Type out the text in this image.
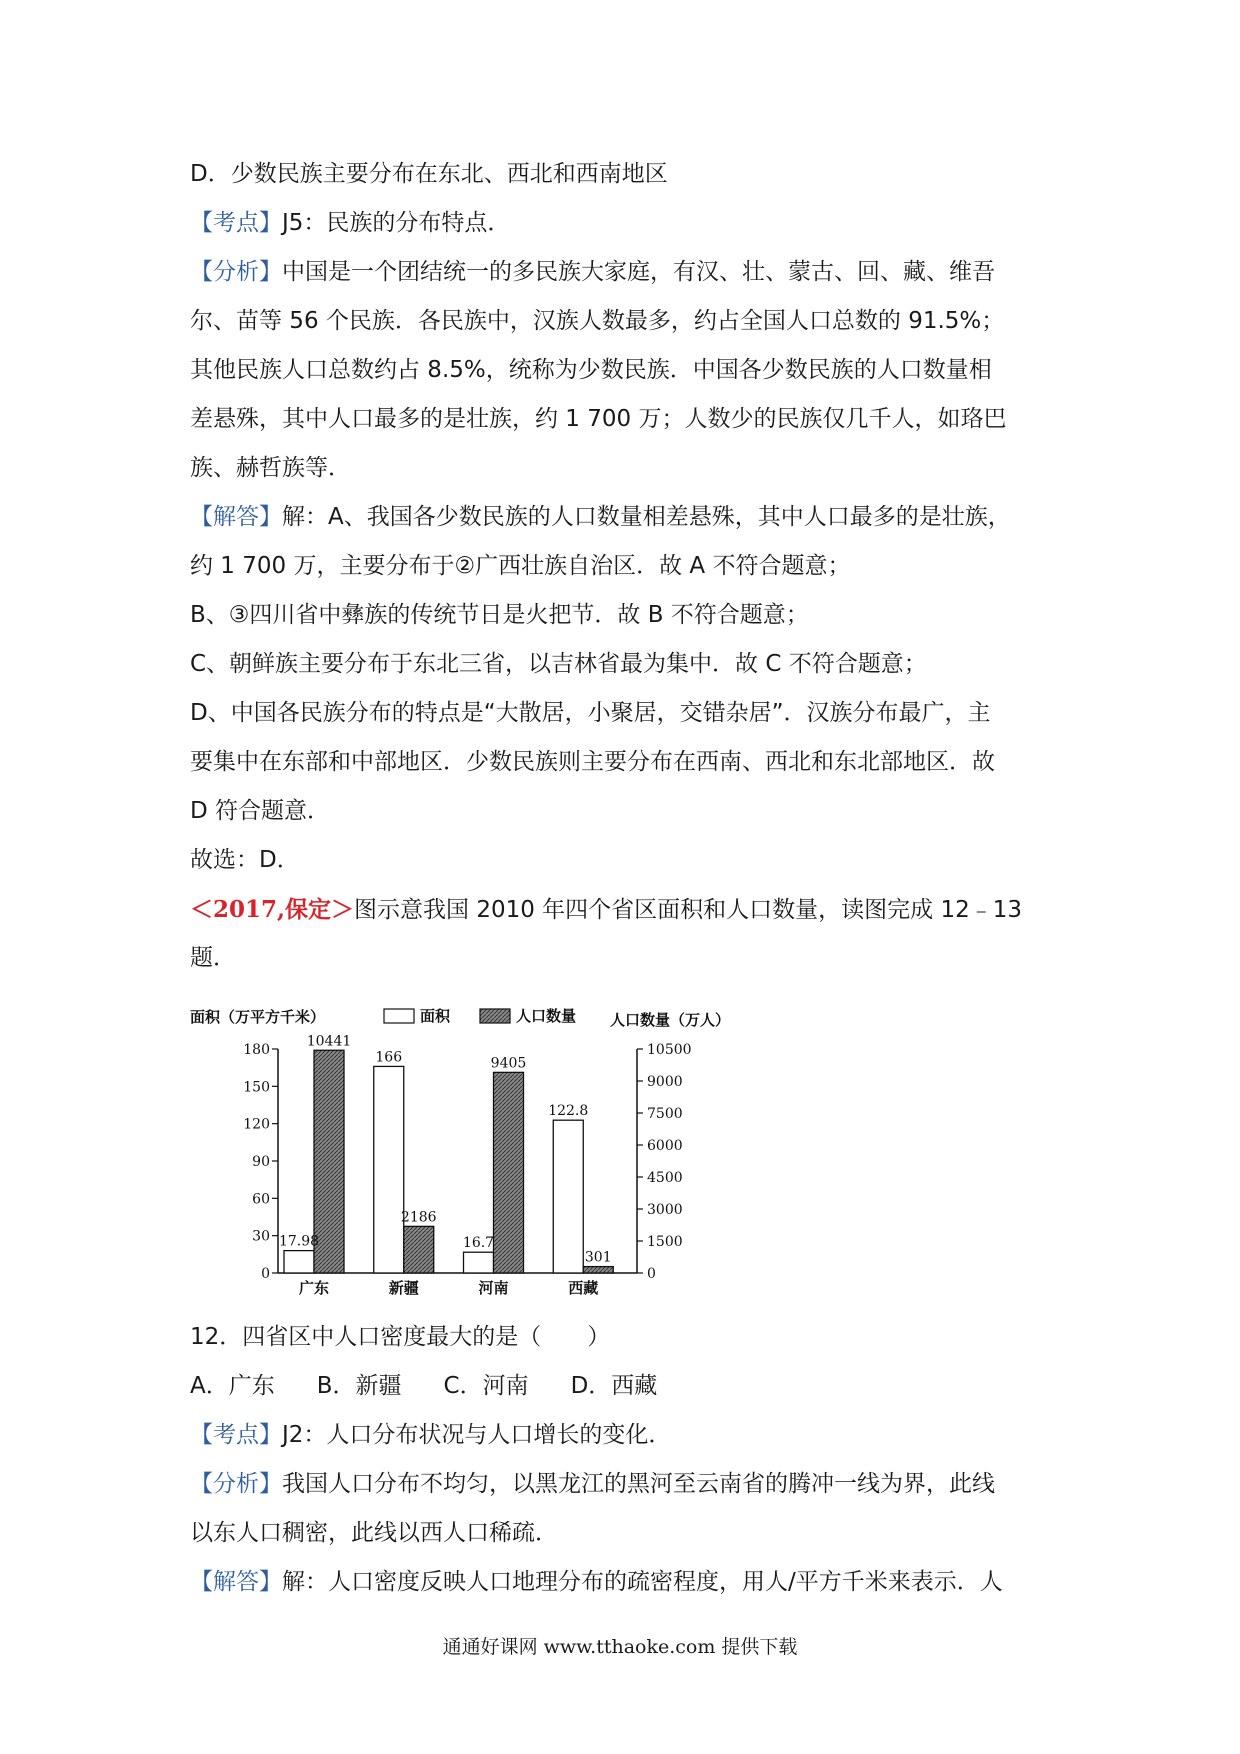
D．少数民族主要分布在东北、西北和西南地区
【考点】J5：民族的分布特点．
【分析】中国是一个团结统一的多民族大家庭，有汉、壮、蒙古、回、藏、维吾
尔、苗等 56 个民族．各民族中，汉族人数最多，约占全国人口总数的 91.5%；
其他民族人口总数约占 8.5%，统称为少数民族．中国各少数民族的人口数量相
差悬殊，其中人口最多的是壮族，约 1 700 万；人数少的民族仅几千人，如珞巴
族、赫哲族等．
【解答】解：A、我国各少数民族的人口数量相差悬殊，其中人口最多的是壮族，
约 1 700 万，主要分布于②广西壮族自治区．故 A 不符合题意；
B、③四川省中彝族的传统节日是火把节．故 B 不符合题意；
C、朝鲜族主要分布于东北三省，以吉林省最为集中．故 C 不符合题意；
D、中国各民族分布的特点是“大散居，小聚居，交错杂居”．汉族分布最广，主
要集中在东部和中部地区．少数民族则主要分布在西南、西北和东北部地区．故
D 符合题意．
故选：D．
＜2017,保定＞图示意我国 2010 年四个省区面积和人口数量，读图完成 12﹣13
题．
0
30
60
90
120
150
180
0
1500
3000
4500
6000
7500
9000
10500
面积（万平方千米）	人口数量（万人）
面积	人口数量
17.98
10441
广东
166
2186
新疆
16.7
9405
河南
122.8
301
西藏
12．四省区中人口密度最大的是（　　）
A．广东 B．新疆 C．河南 D．西藏
【考点】J2：人口分布状况与人口增长的变化．
【分析】我国人口分布不均匀，以黑龙江的黑河至云南省的腾冲一线为界，此线
以东人口稠密，此线以西人口稀疏．
【解答】解：人口密度反映人口地理分布的疏密程度，用人/平方千米来表示．人
通通好课网 www.tthaoke.com 提供下载
